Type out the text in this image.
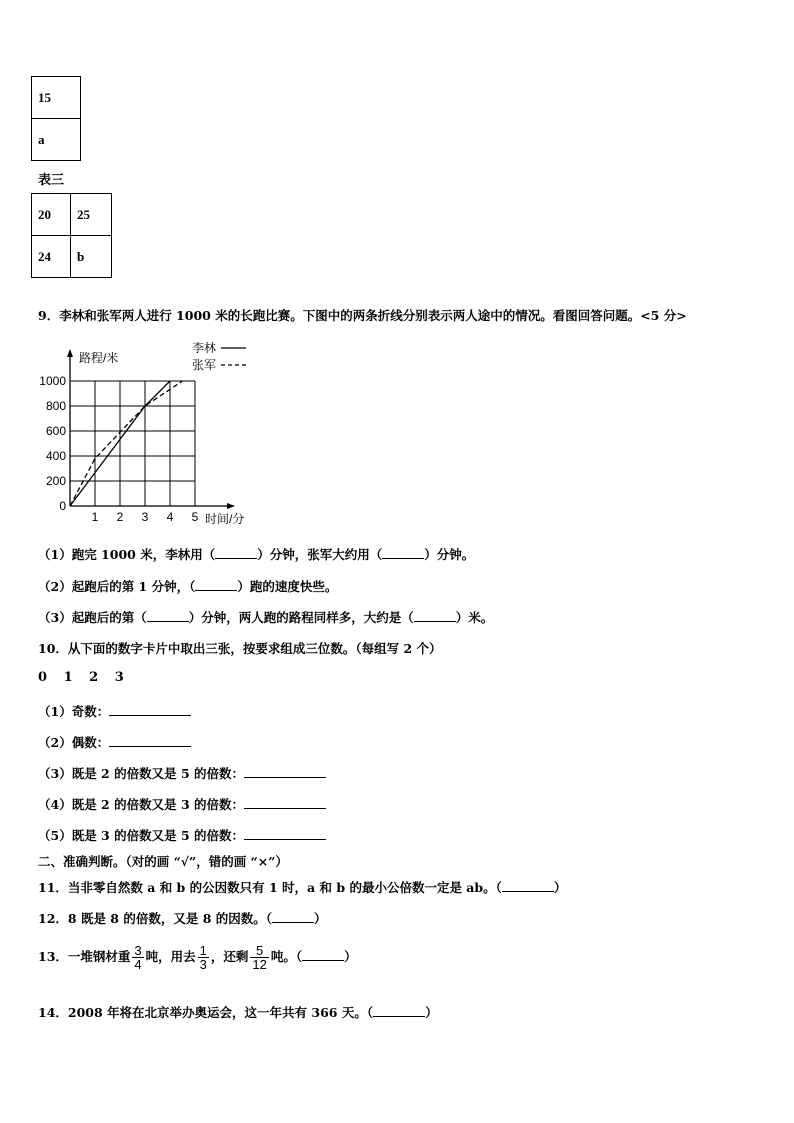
15
a
表三
20	25
24	b
9．李林和张军两人进行 1000 米的长跑比赛。下图中的两条折线分别表示两人途中的情况。看图回答问题。<5 分>
1 2 3 4 5
0
200
400
600
800
1000
路程/米
时间/分
李林
张军
（1）跑完 1000 米，李林用（	）分钟，张军大约用（	）分钟。
（2）起跑后的第 1 分钟，（	）跑的速度快些。
（3）起跑后的第（	）分钟，两人跑的路程同样多，大约是（	）米。
10．从下面的数字卡片中取出三张，按要求组成三位数。（每组写 2 个）
0 1 2 3
（1）奇数：
（2）偶数：
（3）既是 2 的倍数又是 5 的倍数：
（4）既是 2 的倍数又是 3 的倍数：
（5）既是 3 的倍数又是 5 的倍数：
二、准确判断。（对的画 “√”，错的画 “×”）
11．当非零自然数 a 和 b 的公因数只有 1 时，a 和 b 的最小公倍数一定是 ab。（	）
12．8 既是 8 的倍数，又是 8 的因数。（	）
13．一堆钢材重 $\frac{3}{4}$ 吨，用去 $\frac{1}{3}$ ，还剩 $\frac{5}{12}$ 吨。（	）
14．2008 年将在北京举办奥运会，这一年共有 366 天。（	）
